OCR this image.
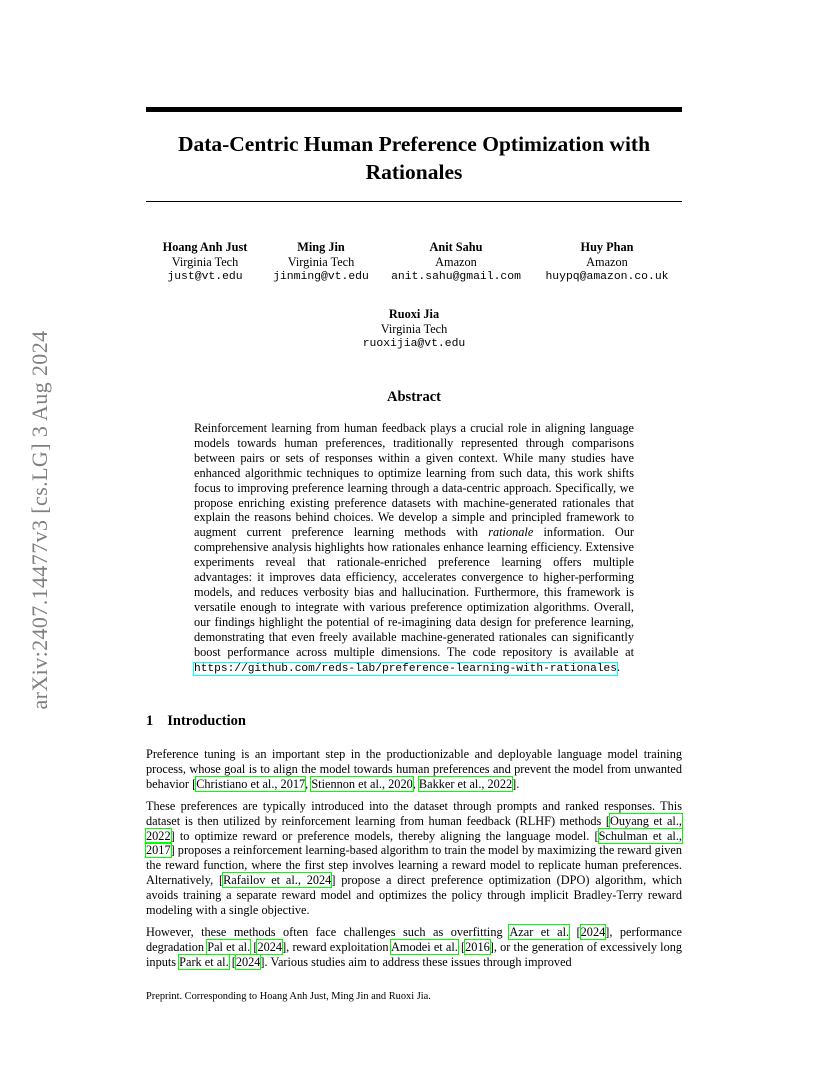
arXiv:2407.14477v3 [cs.LG] 3 Aug 2024
Data-Centric Human Preference Optimization with
Rationales
Hoang Anh Just
Virginia Tech
just@vt.edu
Ming Jin
Virginia Tech
jinming@vt.edu
Anit Sahu
Amazon
anit.sahu@gmail.com
Huy Phan
Amazon
huypq@amazon.co.uk
Ruoxi Jia
Virginia Tech
ruoxijia@vt.edu
Abstract
Reinforcement learning from human feedback plays a crucial role in aligning language models towards human preferences, traditionally represented through comparisons between pairs or sets of responses within a given context. While many studies have enhanced algorithmic techniques to optimize learning from such data, this work shifts focus to improving preference learning through a data-centric approach. Specifically, we propose enriching existing preference datasets with machine-generated rationales that explain the reasons behind choices. We develop a simple and principled framework to augment current preference learning methods with rationale information. Our comprehensive analysis highlights how rationales enhance learning efficiency. Extensive experiments reveal that rationale-enriched preference learning offers multiple advantages: it improves data efficiency, accelerates convergence to higher-performing models, and reduces verbosity bias and hallucination. Furthermore, this framework is versatile enough to integrate with various preference optimization algorithms. Overall, our findings highlight the potential of re-imagining data design for preference learning, demonstrating that even freely available machine-generated rationales can significantly boost performance across multiple dimensions. The code repository is available at https://github.com/reds-lab/preference-learning-with-rationales.
1 Introduction
Preference tuning is an important step in the productionizable and deployable language model training process, whose goal is to align the model towards human preferences and prevent the model from unwanted behavior [Christiano et al., 2017, Stiennon et al., 2020, Bakker et al., 2022].
These preferences are typically introduced into the dataset through prompts and ranked responses. This dataset is then utilized by reinforcement learning from human feedback (RLHF) methods [Ouyang et al., 2022] to optimize reward or preference models, thereby aligning the language model. [Schulman et al., 2017] proposes a reinforcement learning-based algorithm to train the model by maximizing the reward given the reward function, where the first step involves learning a reward model to replicate human preferences. Alternatively, [Rafailov et al., 2024] propose a direct preference optimization (DPO) algorithm, which avoids training a separate reward model and optimizes the policy through implicit Bradley-Terry reward modeling with a single objective.
However, these methods often face challenges such as overfitting Azar et al. [2024], performance degradation Pal et al. [2024], reward exploitation Amodei et al. [2016], or the generation of excessively long inputs Park et al. [2024]. Various studies aim to address these issues through improved
Preprint. Corresponding to Hoang Anh Just, Ming Jin and Ruoxi Jia.
